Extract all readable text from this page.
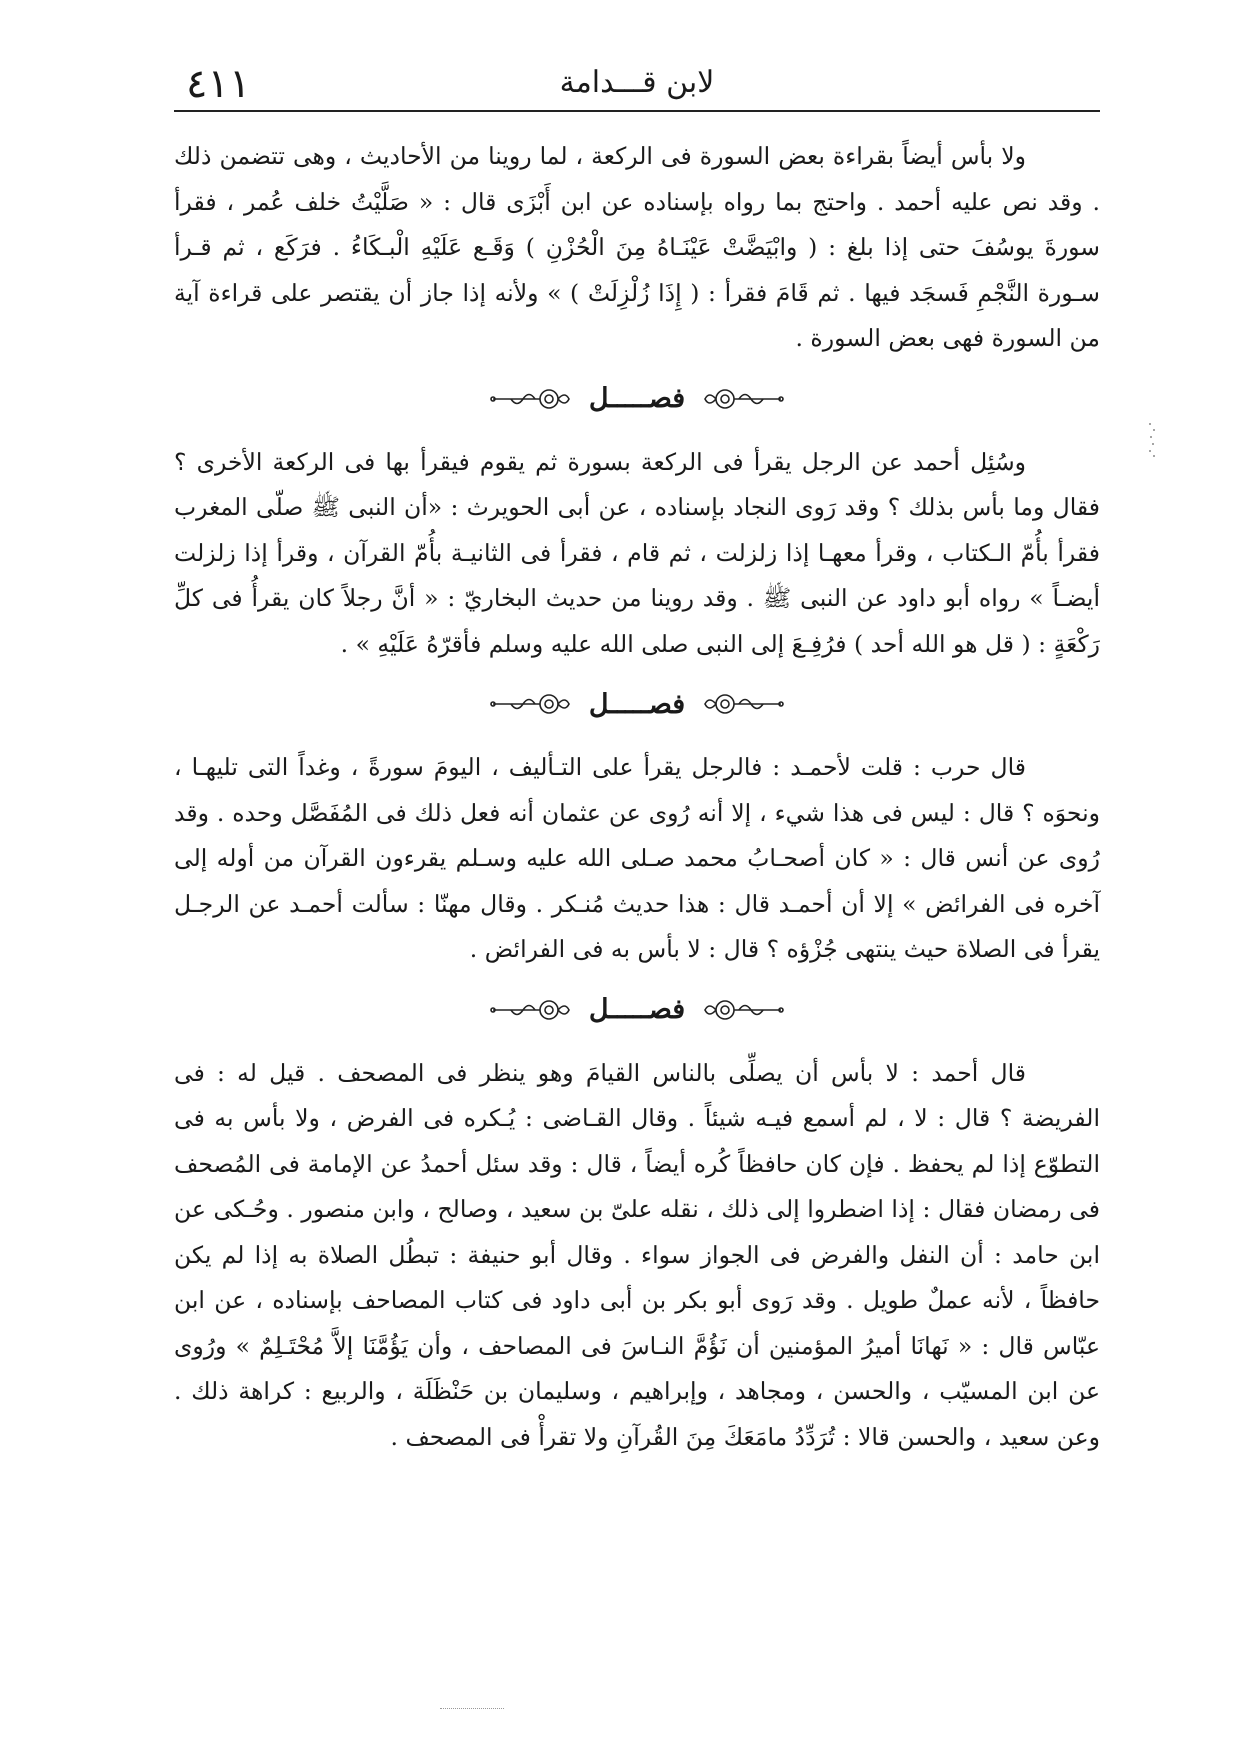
٤١١	لابن قـــدامة

ولا بأس أيضاً بقراءة بعض السورة فى الركعة ، لما روينا من الأحاديث ، وهى تتضمن ذلك . وقد نص عليه أحمد . واحتج بما رواه بإسناده عن ابن أَبْزَى قال : « صَلَّيْتُ خلف عُمر ، فقرأ سورةَ يوسُفَ حتى إذا بلغ : ( وابْيَضَّتْ عَيْنَـاهُ مِنَ الْحُزْنِ ) وَقَـع عَلَيْهِ الْبـكَاءُ . فرَكَع ، ثم قـرأ سـورة النَّجْمِ فَسجَد فيها . ثم قَامَ فقرأ : ( إِذَا زُلْزِلَتْ ) » ولأنه إذا جاز أن يقتصر على قراءة آية من السورة فهى بعض السورة .

فصـــــل

وسُئِل أحمد عن الرجل يقرأ فى الركعة بسورة ثم يقوم فيقرأ بها فى الركعة الأخرى ؟ فقال وما بأس بذلك ؟ وقد رَوى النجاد بإسناده ، عن أبى الحويرث : «أن النبى ﷺ صلّى المغرب فقرأ بأُمّ الـكتاب ، وقرأ معهـا إذا زلزلت ، ثم قام ، فقرأ فى الثانيـة بأُمّ القرآن ، وقرأ إذا زلزلت أيضـاً » رواه أبو داود عن النبى ﷺ . وقد روينا من حديث البخاريّ : « أنَّ رجلاً كان يقرأُ فى كلِّ رَكْعَةٍ : ( قل هو الله أحد ) فرُفِـعَ إلى النبى صلى الله عليه وسلم فأقرّهُ عَلَيْهِ » .

فصـــــل

قال حرب : قلت لأحمـد : فالرجل يقرأ على التـأليف ، اليومَ سورةً ، وغداً التى تليهـا ، ونحوَه ؟ قال : ليس فى هذا شيء ، إلا أنه رُوى عن عثمان أنه فعل ذلك فى المُفَصَّل وحده . وقد رُوى عن أنس قال : « كان أصحـابُ محمد صـلى الله عليه وسـلم يقرءون القرآن من أوله إلى آخره فى الفرائض » إلا أن أحمـد قال : هذا حديث مُنـكر . وقال مهنّا : سألت أحمـد عن الرجـل يقرأ فى الصلاة حيث ينتهى جُزْؤه ؟ قال : لا بأس به فى الفرائض .

فصـــــل

قال أحمد : لا بأس أن يصلِّى بالناس القيامَ وهو ينظر فى المصحف . قيل له : فى الفريضة ؟ قال : لا ، لم أسمع فيـه شيئاً . وقال القـاضى : يُـكره فى الفرض ، ولا بأس به فى التطوّع إذا لم يحفظ . فإن كان حافظاً كُره أيضاً ، قال : وقد سئل أحمدُ عن الإمامة فى المُصحف فى رمضان فقال : إذا اضطروا إلى ذلك ، نقله علىّ بن سعيد ، وصالح ، وابن منصور . وحُـكى عن ابن حامد : أن النفل والفرض فى الجواز سواء . وقال أبو حنيفة : تبطُل الصلاة به إذا لم يكن حافظاً ، لأنه عملٌ طويل . وقد رَوى أبو بكر بن أبى داود فى كتاب المصاحف بإسناده ، عن ابن عبّاس قال : « نَهانَا أميرُ المؤمنين أن نَؤُمَّ النـاسَ فى المصاحف ، وأن يَؤُمَّنَا إلاَّ مُحْتَـلِمٌ » ورُوى عن ابن المسيّب ، والحسن ، ومجاهد ، وإبراهيم ، وسليمان بن حَنْظَلَة ، والربيع : كراهة ذلك . وعن سعيد ، والحسن قالا : تُرَدِّدُ مامَعَكَ مِنَ القُرآنِ ولا تقرأْ فى المصحف .
